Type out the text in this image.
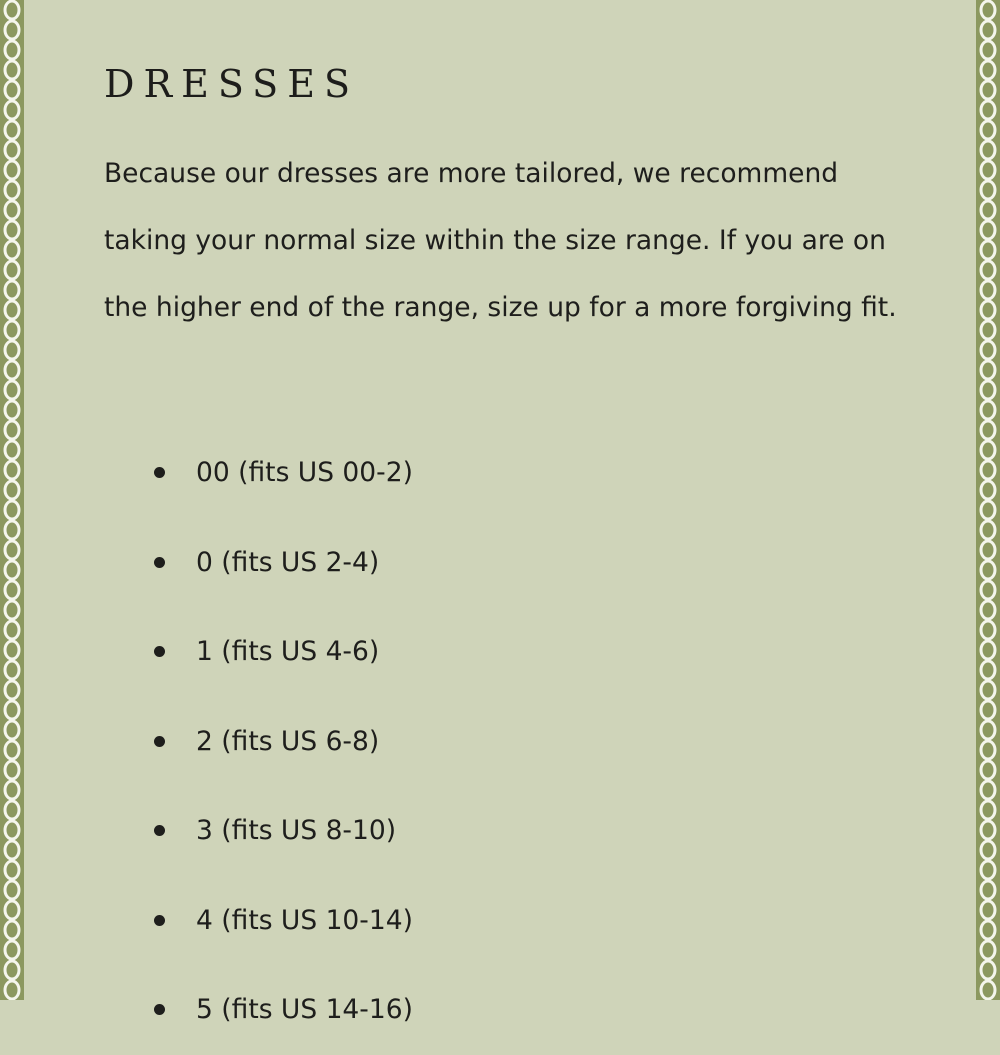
DRESSES

Because our dresses are more tailored, we recommend taking your normal size within the size range. If you are on the higher end of the range, size up for a more forgiving fit.

00 (fits US 00-2)
0 (fits US 2-4)
1 (fits US 4-6)
2 (fits US 6-8)
3 (fits US 8-10)
4 (fits US 10-14)
5 (fits US 14-16)
